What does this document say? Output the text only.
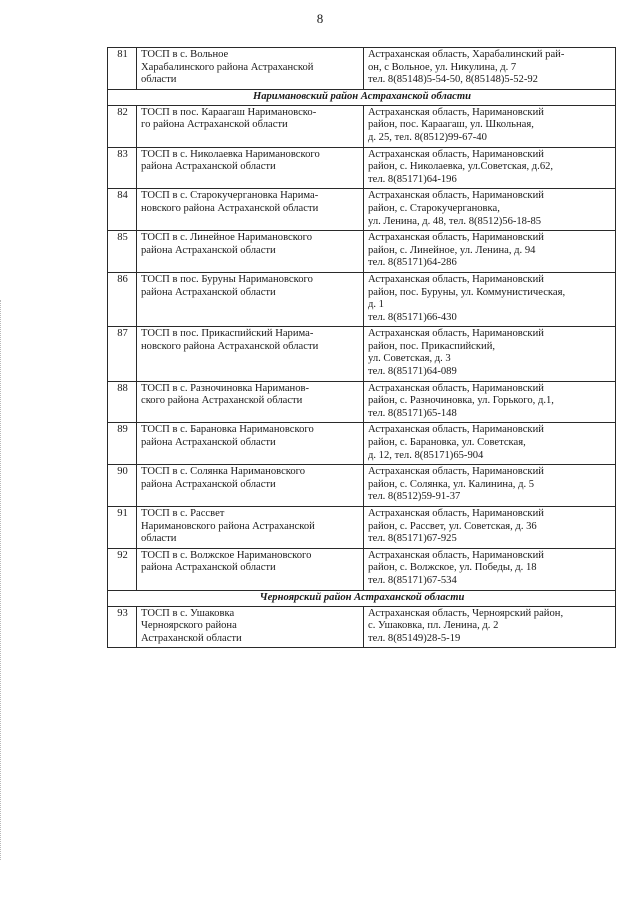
8
81	ТОСП в с. Вольное
Харабалинского района Астраханской
области	Астраханская область, Харабалинский рай-
он, с Вольное, ул. Никулина, д. 7
тел. 8(85148)5-54-50, 8(85148)5-52-92

Наримановский район Астраханской области		
82	ТОСП в пос. Караагаш Наримановско-
го района Астраханской области	Астраханская область, Наримановский
район, пос. Караагаш, ул. Школьная,
д. 25, тел. 8(8512)99-67-40

83	ТОСП в с. Николаевка Наримановского
района Астраханской области	Астраханская область, Наримановский
район, с. Николаевка, ул.Советская, д.62,
тел. 8(85171)64-196

84	ТОСП в с. Старокучергановка Нарима-
новского района Астраханской области	Астраханская область, Наримановский
район, с. Старокучергановка,
ул. Ленина, д. 48, тел. 8(8512)56-18-85

85	ТОСП в с. Линейное Наримановского
района Астраханской области	Астраханская область, Наримановский
район, с. Линейное, ул. Ленина, д. 94
тел. 8(85171)64-286

86	ТОСП в пос. Буруны Наримановского
района Астраханской области	Астраханская область, Наримановский
район, пос. Буруны, ул. Коммунистическая,
д. 1
тел. 8(85171)66-430

87	ТОСП в пос. Прикаспийский Нарима-
новского района Астраханской области	Астраханская область, Наримановский
район, пос. Прикаспийский,
ул. Советская, д. 3
тел. 8(85171)64-089

88	ТОСП в с. Разночиновка Нариманов-
ского района Астраханской области	Астраханская область, Наримановский
район, с. Разночиновка, ул. Горького, д.1,
тел. 8(85171)65-148

89	ТОСП в с. Барановка Наримановского
района Астраханской области	Астраханская область, Наримановский
район, с. Барановка, ул. Советская,
д. 12, тел. 8(85171)65-904

90	ТОСП в с. Солянка Наримановского
района Астраханской области	Астраханская область, Наримановский
район, с. Солянка, ул. Калинина, д. 5
тел. 8(8512)59-91-37

91	ТОСП в с. Рассвет
Наримановского района Астраханской
области	Астраханская область, Наримановский
район, с. Рассвет, ул. Советская, д. 36
тел. 8(85171)67-925

92	ТОСП в с. Волжское Наримановского
района Астраханской области	Астраханская область, Наримановский
район, с. Волжское, ул. Победы, д. 18
тел. 8(85171)67-534

Черноярский район Астраханской области		
93	ТОСП в с. Ушаковка
Черноярского района
Астраханской области	Астраханская область, Черноярский район,
с. Ушаковка, пл. Ленина, д. 2
тел. 8(85149)28-5-19
